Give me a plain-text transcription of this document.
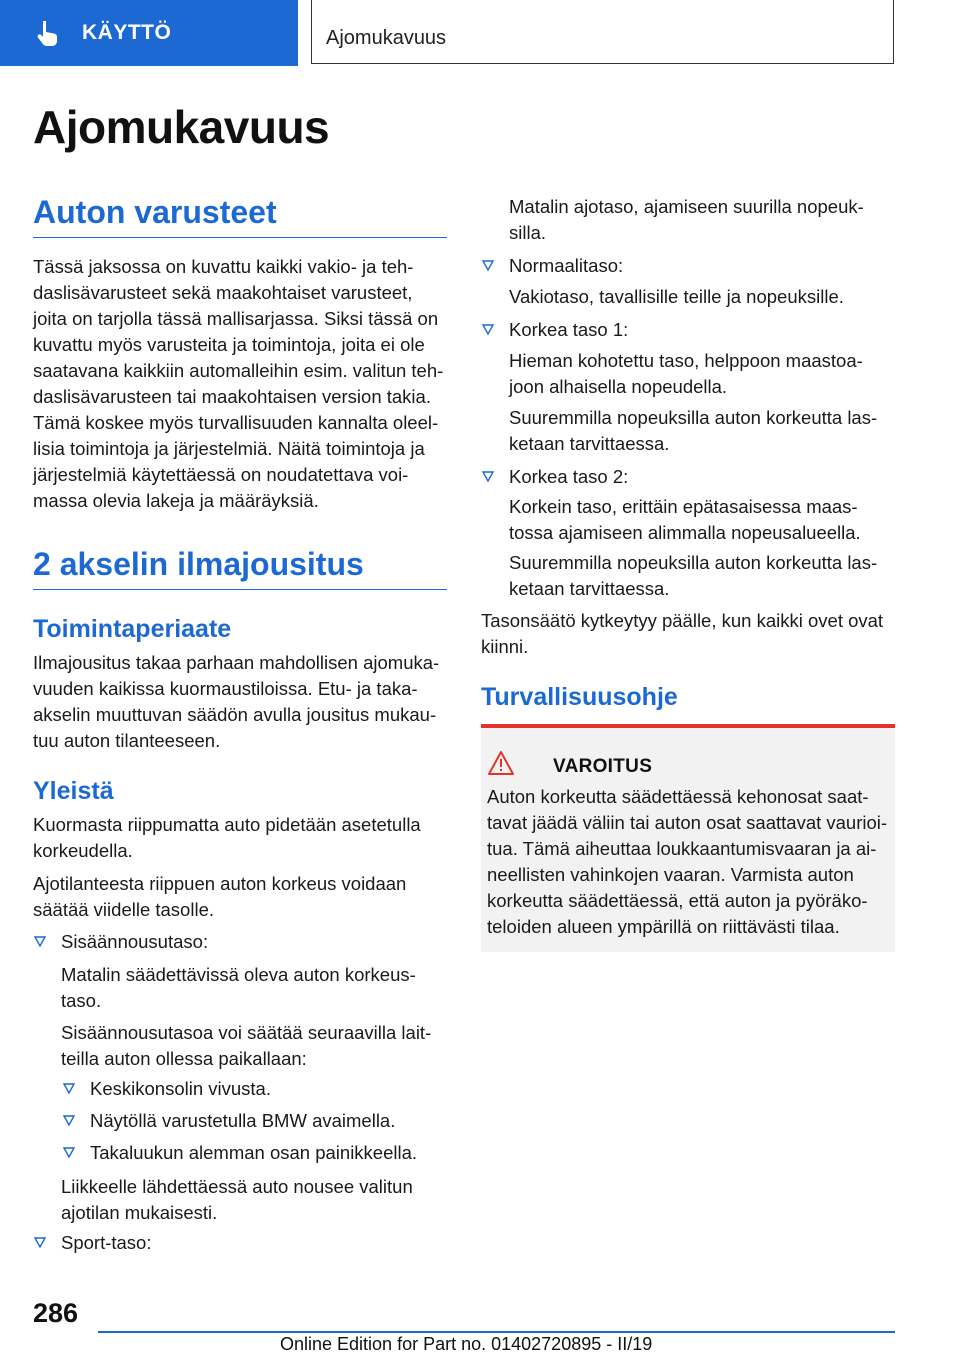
KÄYTTÖ	Ajomukavuus
Ajomukavuus
Auton varusteet
Tässä jaksossa on kuvattu kaikki vakio- ja teh-
daslisävarusteet sekä maakohtaiset varusteet,
joita on tarjolla tässä mallisarjassa. Siksi tässä on
kuvattu myös varusteita ja toimintoja, joita ei ole
saatavana kaikkiin automalleihin esim. valitun teh-
daslisävarusteen tai maakohtaisen version takia.
Tämä koskee myös turvallisuuden kannalta oleel-
lisia toimintoja ja järjestelmiä. Näitä toimintoja ja
järjestelmiä käytettäessä on noudatettava voi-
massa olevia lakeja ja määräyksiä.
2 akselin ilmajousitus
Toimintaperiaate
Ilmajousitus takaa parhaan mahdollisen ajomuka-
vuuden kaikissa kuormaustiloissa. Etu- ja taka-
akselin muuttuvan säädön avulla jousitus mukau-
tuu auton tilanteeseen.
Yleistä
Kuormasta riippumatta auto pidetään asetetulla
korkeudella.
Ajotilanteesta riippuen auton korkeus voidaan
säätää viidelle tasolle.
Sisäännousutaso:
Matalin säädettävissä oleva auton korkeus-
taso.
Sisäännousutasoa voi säätää seuraavilla lait-
teilla auton ollessa paikallaan:
Keskikonsolin vivusta.
Näytöllä varustetulla BMW avaimella.
Takaluukun alemman osan painikkeella.
Liikkeelle lähdettäessä auto nousee valitun
ajotilan mukaisesti.
Sport-taso:
Matalin ajotaso, ajamiseen suurilla nopeuk-
silla.
Normaalitaso:
Vakiotaso, tavallisille teille ja nopeuksille.
Korkea taso 1:
Hieman kohotettu taso, helppoon maastoa-
joon alhaisella nopeudella.
Suuremmilla nopeuksilla auton korkeutta las-
ketaan tarvittaessa.
Korkea taso 2:
Korkein taso, erittäin epätasaisessa maas-
tossa ajamiseen alimmalla nopeusalueella.
Suuremmilla nopeuksilla auton korkeutta las-
ketaan tarvittaessa.
Tasonsäätö kytkeytyy päälle, kun kaikki ovet ovat
kiinni.
Turvallisuusohje
VAROITUS
Auton korkeutta säädettäessä kehonosat saat-
tavat jäädä väliin tai auton osat saattavat vaurioi-
tua. Tämä aiheuttaa loukkaantumisvaaran ja ai-
neellisten vahinkojen vaaran. Varmista auton
korkeutta säädettäessä, että auton ja pyöräko-
teloiden alueen ympärillä on riittävästi tilaa.
286
Online Edition for Part no. 01402720895 - II/19
